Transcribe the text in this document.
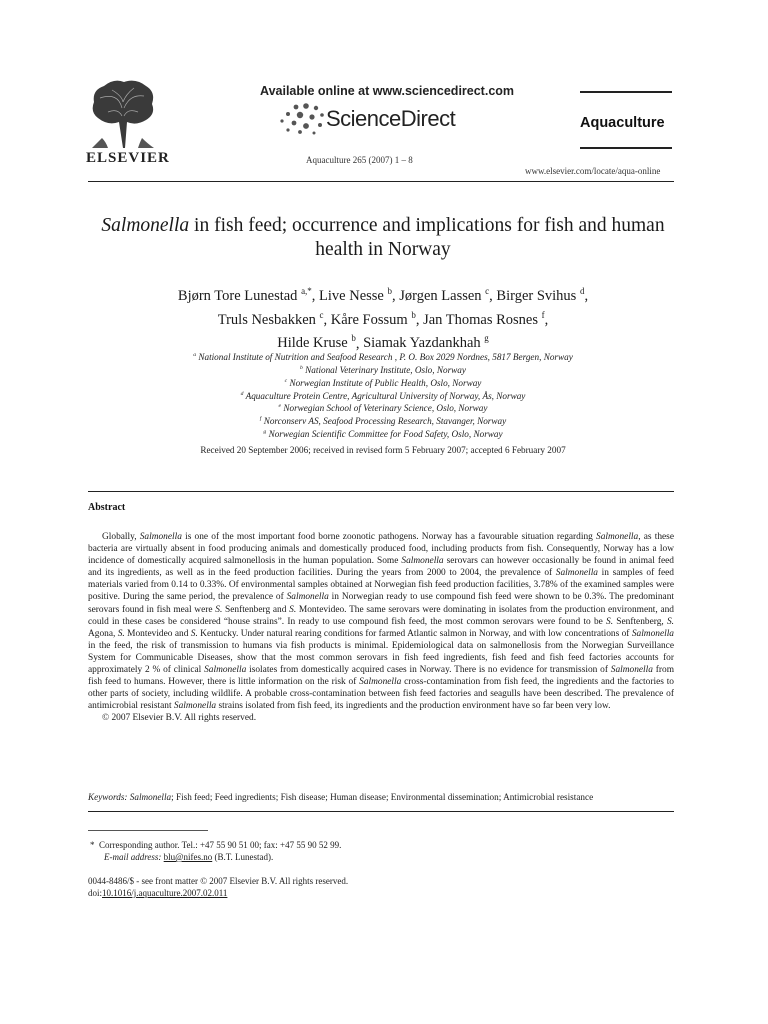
ELSEVIER
Available online at www.sciencedirect.com
ScienceDirect
Aquaculture 265 (2007) 1 – 8
Aquaculture
www.elsevier.com/locate/aqua-online
Salmonella in fish feed; occurrence and implications for fish and human health in Norway
Bjørn Tore Lunestad $^{a,*}$, Live Nesse $^b$, Jørgen Lassen $^c$, Birger Svihus $^d$,
Truls Nesbakken $^c$, Kåre Fossum $^b$, Jan Thomas Rosnes $^f$,
Hilde Kruse $^b$, Siamak Yazdankhah $^g$
$^a$ National Institute of Nutrition and Seafood Research , P. O. Box 2029 Nordnes, 5817 Bergen, Norway
$^b$ National Veterinary Institute, Oslo, Norway
$^c$ Norwegian Institute of Public Health, Oslo, Norway
$^d$ Aquaculture Protein Centre, Agricultural University of Norway, Ås, Norway
$^e$ Norwegian School of Veterinary Science, Oslo, Norway
$^f$ Norconserv AS, Seafood Processing Research, Stavanger, Norway
$^g$ Norwegian Scientific Committee for Food Safety, Oslo, Norway
Received 20 September 2006; received in revised form 5 February 2007; accepted 6 February 2007
Abstract

Globally, Salmonella is one of the most important food borne zoonotic pathogens. Norway has a favourable situation regarding Salmonella, as these bacteria are virtually absent in food producing animals and domestically produced food, including products from fish. Consequently, Norway has a low incidence of domestically acquired salmonellosis in the human population. Some Salmonella serovars can however occasionally be found in animal feed and its ingredients, as well as in the feed production facilities. During the years from 2000 to 2004, the prevalence of Salmonella in samples of feed materials varied from 0.14 to 0.33%. Of environmental samples obtained at Norwegian fish feed production facilities, 3.78% of the examined samples were positive. During the same period, the prevalence of Salmonella in Norwegian ready to use compound fish feed were shown to be 0.3%. The predominant serovars found in fish meal were S. Senftenberg and S. Montevideo. The same serovars were dominating in isolates from the production environment, and could in these cases be considered “house strains”. In ready to use compound fish feed, the most common serovars were found to be S. Senftenberg, S. Agona, S. Montevideo and S. Kentucky. Under natural rearing conditions for farmed Atlantic salmon in Norway, and with low concentrations of Salmonella in the feed, the risk of transmission to humans via fish products is minimal. Epidemiological data on salmonellosis from the Norwegian Surveillance System for Communicable Diseases, show that the most common serovars in fish feed ingredients, fish feed and fish feed factories accounts for approximately 2 % of clinical Salmonella isolates from domestically acquired cases in Norway. There is no evidence for transmission of Salmonella from fish feed to humans. However, there is little information on the risk of Salmonella cross-contamination from fish feed, the ingredients and the factories to other parts of society, including wildlife. A probable cross-contamination between fish feed factories and seagulls have been described. The prevalence of antimicrobial resistant Salmonella strains isolated from fish feed, its ingredients and the production environment have so far been very low.

© 2007 Elsevier B.V. All rights reserved.

Keywords: Salmonella; Fish feed; Feed ingredients; Fish disease; Human disease; Environmental dissemination; Antimicrobial resistance
* Corresponding author. Tel.: +47 55 90 51 00; fax: +47 55 90 52 99.
E-mail address: blu@nifes.no (B.T. Lunestad).
0044-8486/$ - see front matter © 2007 Elsevier B.V. All rights reserved.
doi:10.1016/j.aquaculture.2007.02.011
